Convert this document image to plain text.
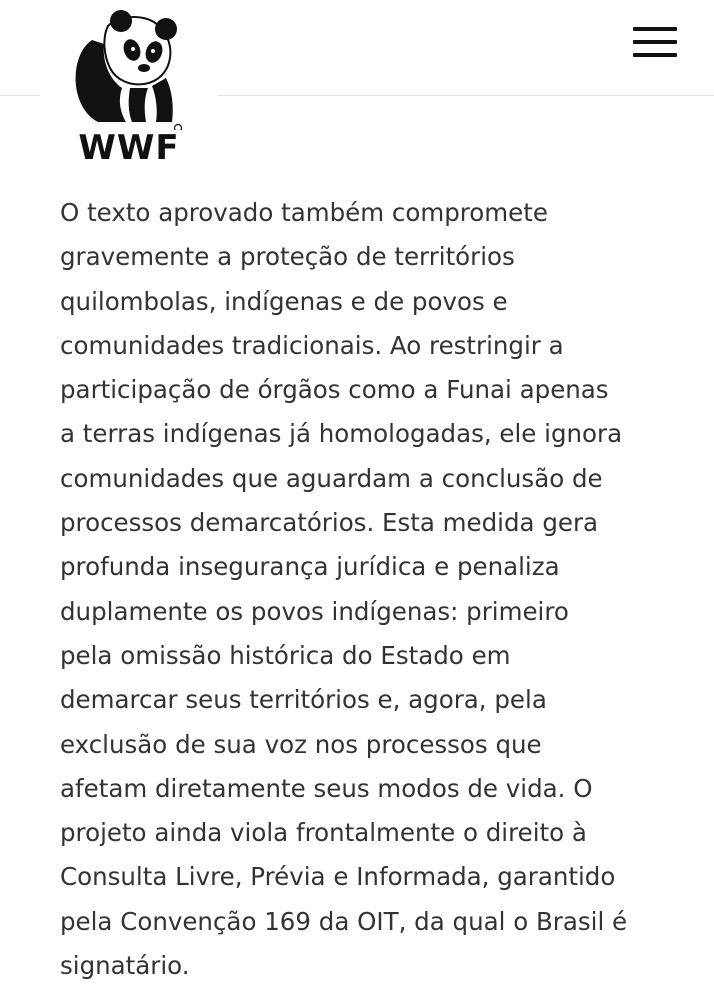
WWF

O texto aprovado também compromete
gravemente a proteção de territórios
quilombolas, indígenas e de povos e
comunidades tradicionais. Ao restringir a
participação de órgãos como a Funai apenas
a terras indígenas já homologadas, ele ignora
comunidades que aguardam a conclusão de
processos demarcatórios. Esta medida gera
profunda insegurança jurídica e penaliza
duplamente os povos indígenas: primeiro
pela omissão histórica do Estado em
demarcar seus territórios e, agora, pela
exclusão de sua voz nos processos que
afetam diretamente seus modos de vida. O
projeto ainda viola frontalmente o direito à
Consulta Livre, Prévia e Informada, garantido
pela Convenção 169 da OIT, da qual o Brasil é
signatário.
